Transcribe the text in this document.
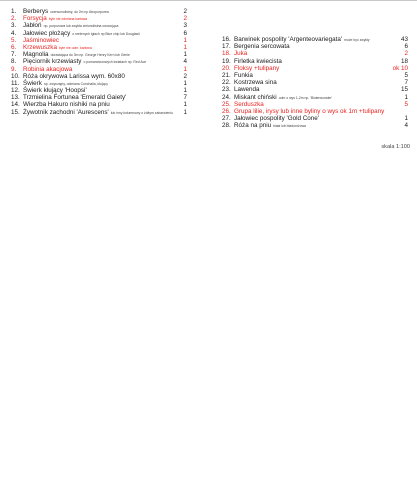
1. Berberys czerwonolistny, do 2m np Atropurpurea	2
2. Forsycja byle nie odmiana karłowa	2
3. Jabłoń np. purpurowa lub zwykła zielonolistna owocująca	3
4. Jałowiec płożący o srebrnych igłach np Blue chip lub Douglasii	6
5. Jaśminowiec	1
6. Krzewuszka byle nie odm. karłowa	1
7. Magnolia dorastająca do 3m np. George Henry Kern lub Genie	1
8. Pięciornik krzewiasty o pomarańczowych kwiatach np. Red Ace	4
9. Robinia akacjowa	1
10. Róża okrywowa Larissa wym. 60x80	2
11. Świerk np. zwyczajny, odmiana Conchalla, kłujący	1
12. Świerk kłujący 'Hoopsi'	1
13. Trzmielina Fortunea 'Emerald Gaiety'	7
14. Wierzba Hakuro nishiki na pniu	1
15. Żywotnik zachodni 'Aurescens' lub inny kolumnowy o żółtym zabarwieniu 1
16. Barwinek pospolity 'Argenteovariegata' może być zwykły	43
17. Bergenia sercowata	6
18. Juka	2
19. Firletka kwiecista	18
20. Floksy +tulipany	ok 10
21. Funkia	5
22. Kostrzewa sina	7
23. Lawenda	15
24. Miskant chiński odm o wys 1-2m np. 'Blutenwunder'	1
25. Serduszka	5
26. Grupa lilie, irysy lub inne byliny o wys ok 1m +tulipany
27. Jałowiec pospolity 'Gold Cone'	1
28. Róża na pniu biała lub bladoróżowa	4
skala 1:100
